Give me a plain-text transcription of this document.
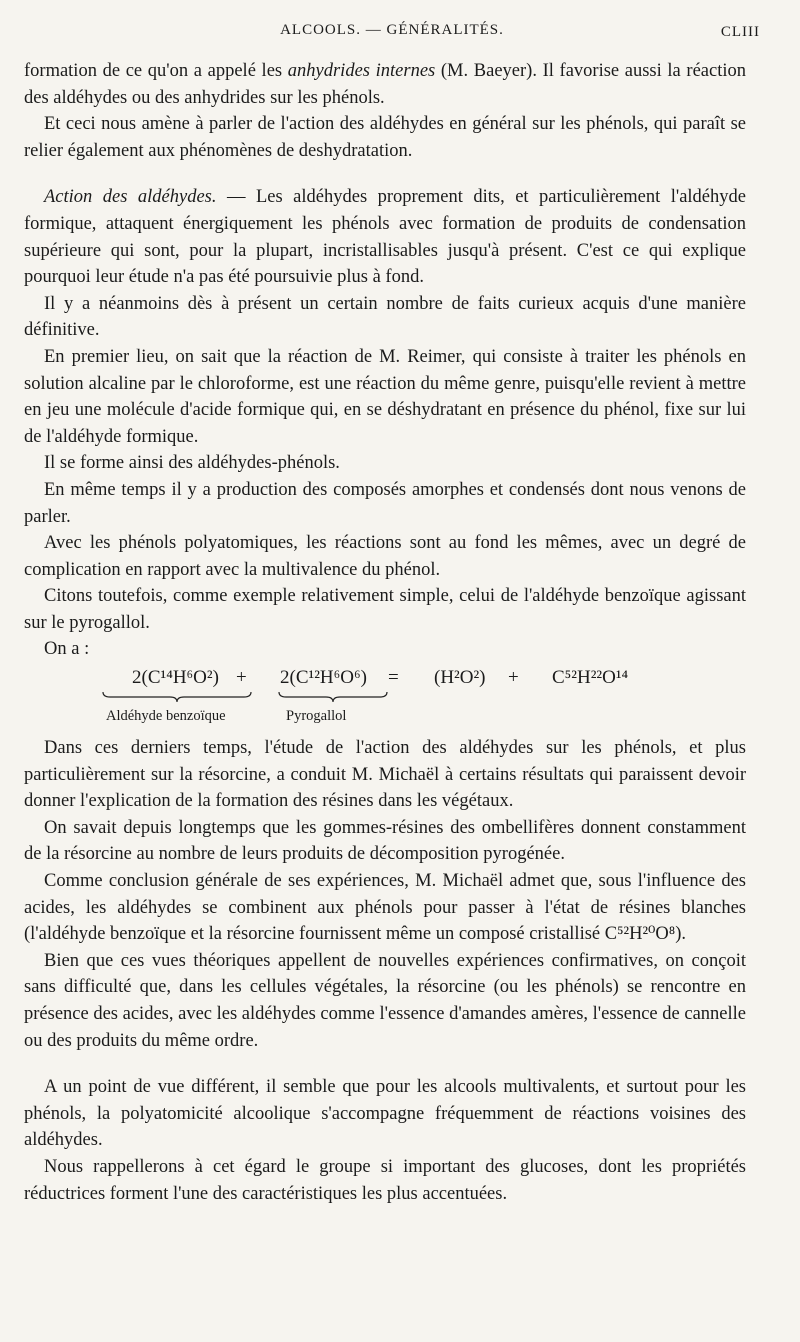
ALCOOLS. — GÉNÉRALITÉS.	CLIII

formation de ce qu'on a appelé les anhydrides internes (M. Baeyer). Il favorise aussi la réaction des aldéhydes ou des anhydrides sur les phénols.

Et ceci nous amène à parler de l'action des aldéhydes en général sur les phénols, qui paraît se relier également aux phénomènes de deshydratation.

Action des aldéhydes. — Les aldéhydes proprement dits, et particulièrement l'aldéhyde formique, attaquent énergiquement les phénols avec formation de produits de condensation supérieure qui sont, pour la plupart, incristallisables jusqu'à présent. C'est ce qui explique pourquoi leur étude n'a pas été poursuivie plus à fond.

Il y a néanmoins dès à présent un certain nombre de faits curieux acquis d'une manière définitive.

En premier lieu, on sait que la réaction de M. Reimer, qui consiste à traiter les phénols en solution alcaline par le chloroforme, est une réaction du même genre, puisqu'elle revient à mettre en jeu une molécule d'acide formique qui, en se déshydratant en présence du phénol, fixe sur lui de l'aldéhyde formique.

Il se forme ainsi des aldéhydes-phénols.

En même temps il y a production des composés amorphes et condensés dont nous venons de parler.

Avec les phénols polyatomiques, les réactions sont au fond les mêmes, avec un degré de complication en rapport avec la multivalence du phénol.

Citons toutefois, comme exemple relativement simple, celui de l'aldéhyde benzoïque agissant sur le pyrogallol.

On a :

2(C¹⁴H⁶O²) + 2(C¹²H⁶O⁶) = (H²O²) + C⁵²H²²O¹⁴
Aldéhyde benzoïque	Pyrogallol

Dans ces derniers temps, l'étude de l'action des aldéhydes sur les phénols, et plus particulièrement sur la résorcine, a conduit M. Michaël à certains résultats qui paraissent devoir donner l'explication de la formation des résines dans les végétaux.

On savait depuis longtemps que les gommes-résines des ombellifères donnent constamment de la résorcine au nombre de leurs produits de décomposition pyrogénée.

Comme conclusion générale de ses expériences, M. Michaël admet que, sous l'influence des acides, les aldéhydes se combinent aux phénols pour passer à l'état de résines blanches (l'aldéhyde benzoïque et la résorcine fournissent même un composé cristallisé C⁵²H²⁰O⁸).

Bien que ces vues théoriques appellent de nouvelles expériences confirmatives, on conçoit sans difficulté que, dans les cellules végétales, la résorcine (ou les phénols) se rencontre en présence des acides, avec les aldéhydes comme l'essence d'amandes amères, l'essence de cannelle ou des produits du même ordre.

A un point de vue différent, il semble que pour les alcools multivalents, et surtout pour les phénols, la polyatomicité alcoolique s'accompagne fréquemment de réactions voisines des aldéhydes.

Nous rappellerons à cet égard le groupe si important des glucoses, dont les propriétés réductrices forment l'une des caractéristiques les plus accentuées.
